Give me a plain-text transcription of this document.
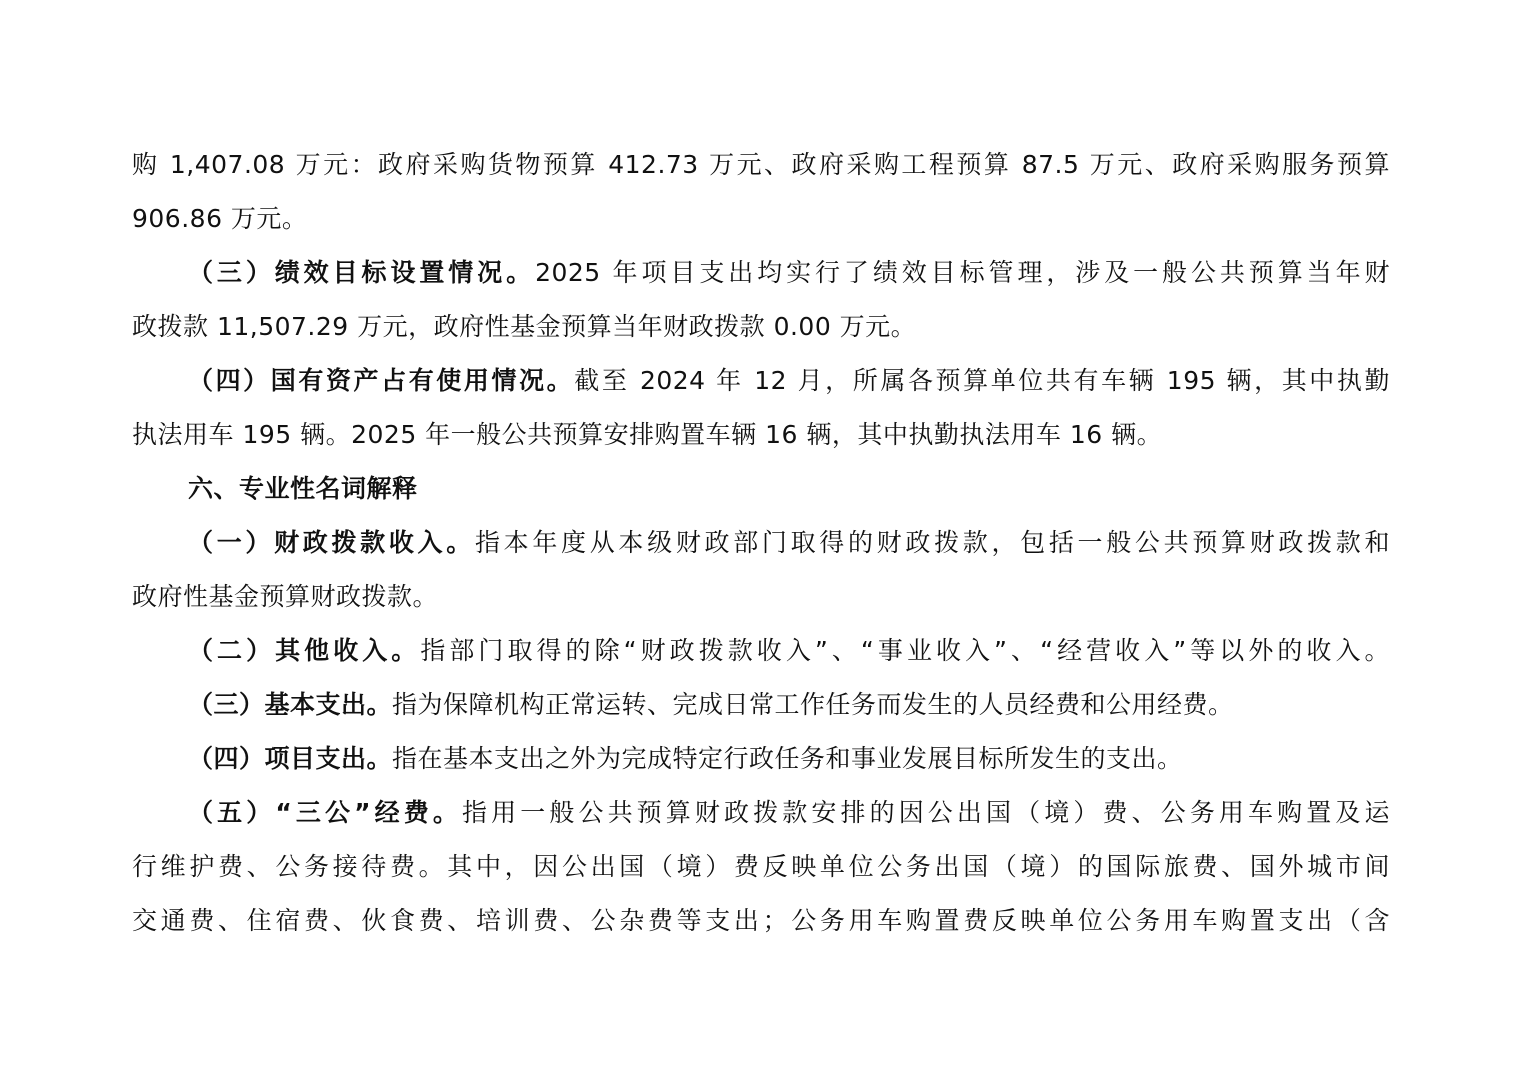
购 1,407.08 万元：政府采购货物预算 412.73 万元、政府采购工程预算 87.5 万元、政府采购服务预算
906.86 万元。
（三）绩效目标设置情况。2025 年项目支出均实行了绩效目标管理，涉及一般公共预算当年财
政拨款 11,507.29 万元，政府性基金预算当年财政拨款 0.00 万元。
（四）国有资产占有使用情况。截至 2024 年 12 月，所属各预算单位共有车辆 195 辆，其中执勤
执法用车 195 辆。2025 年一般公共预算安排购置车辆 16 辆，其中执勤执法用车 16 辆。
六、专业性名词解释
（一）财政拨款收入。指本年度从本级财政部门取得的财政拨款，包括一般公共预算财政拨款和
政府性基金预算财政拨款。
（二）其他收入。指部门取得的除“财政拨款收入”、“事业收入”、“经营收入”等以外的收入。
（三）基本支出。指为保障机构正常运转、完成日常工作任务而发生的人员经费和公用经费。
（四）项目支出。指在基本支出之外为完成特定行政任务和事业发展目标所发生的支出。
（五）“三公”经费。指用一般公共预算财政拨款安排的因公出国（境）费、公务用车购置及运
行维护费、公务接待费。其中，因公出国（境）费反映单位公务出国（境）的国际旅费、国外城市间
交通费、住宿费、伙食费、培训费、公杂费等支出；公务用车购置费反映单位公务用车购置支出（含
